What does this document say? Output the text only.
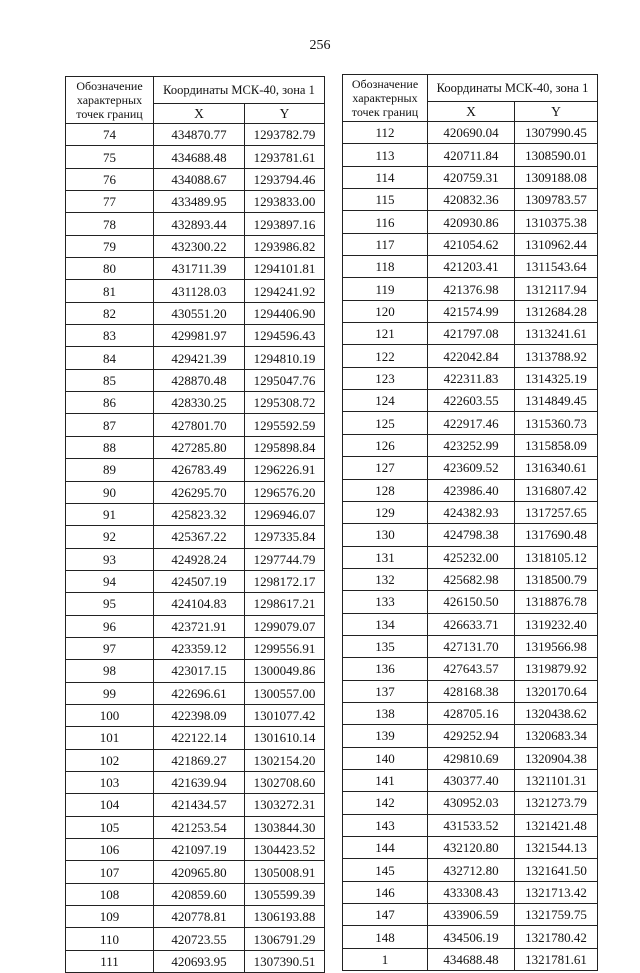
256
Обозначение характерных точек границ	Координаты МСК-40, зона 1	
	X	Y
74	434870.77	1293782.79
75	434688.48	1293781.61
76	434088.67	1293794.46
77	433489.95	1293833.00
78	432893.44	1293897.16
79	432300.22	1293986.82
80	431711.39	1294101.81
81	431128.03	1294241.92
82	430551.20	1294406.90
83	429981.97	1294596.43
84	429421.39	1294810.19
85	428870.48	1295047.76
86	428330.25	1295308.72
87	427801.70	1295592.59
88	427285.80	1295898.84
89	426783.49	1296226.91
90	426295.70	1296576.20
91	425823.32	1296946.07
92	425367.22	1297335.84
93	424928.24	1297744.79
94	424507.19	1298172.17
95	424104.83	1298617.21
96	423721.91	1299079.07
97	423359.12	1299556.91
98	423017.15	1300049.86
99	422696.61	1300557.00
100	422398.09	1301077.42
101	422122.14	1301610.14
102	421869.27	1302154.20
103	421639.94	1302708.60
104	421434.57	1303272.31
105	421253.54	1303844.30
106	421097.19	1304423.52
107	420965.80	1305008.91
108	420859.60	1305599.39
109	420778.81	1306193.88
110	420723.55	1306791.29
111	420693.95	1307390.51
Обозначение характерных точек границ	Координаты МСК-40, зона 1	
	X	Y
112	420690.04	1307990.45
113	420711.84	1308590.01
114	420759.31	1309188.08
115	420832.36	1309783.57
116	420930.86	1310375.38
117	421054.62	1310962.44
118	421203.41	1311543.64
119	421376.98	1312117.94
120	421574.99	1312684.28
121	421797.08	1313241.61
122	422042.84	1313788.92
123	422311.83	1314325.19
124	422603.55	1314849.45
125	422917.46	1315360.73
126	423252.99	1315858.09
127	423609.52	1316340.61
128	423986.40	1316807.42
129	424382.93	1317257.65
130	424798.38	1317690.48
131	425232.00	1318105.12
132	425682.98	1318500.79
133	426150.50	1318876.78
134	426633.71	1319232.40
135	427131.70	1319566.98
136	427643.57	1319879.92
137	428168.38	1320170.64
138	428705.16	1320438.62
139	429252.94	1320683.34
140	429810.69	1320904.38
141	430377.40	1321101.31
142	430952.03	1321273.79
143	431533.52	1321421.48
144	432120.80	1321544.13
145	432712.80	1321641.50
146	433308.43	1321713.42
147	433906.59	1321759.75
148	434506.19	1321780.42
1	434688.48	1321781.61
